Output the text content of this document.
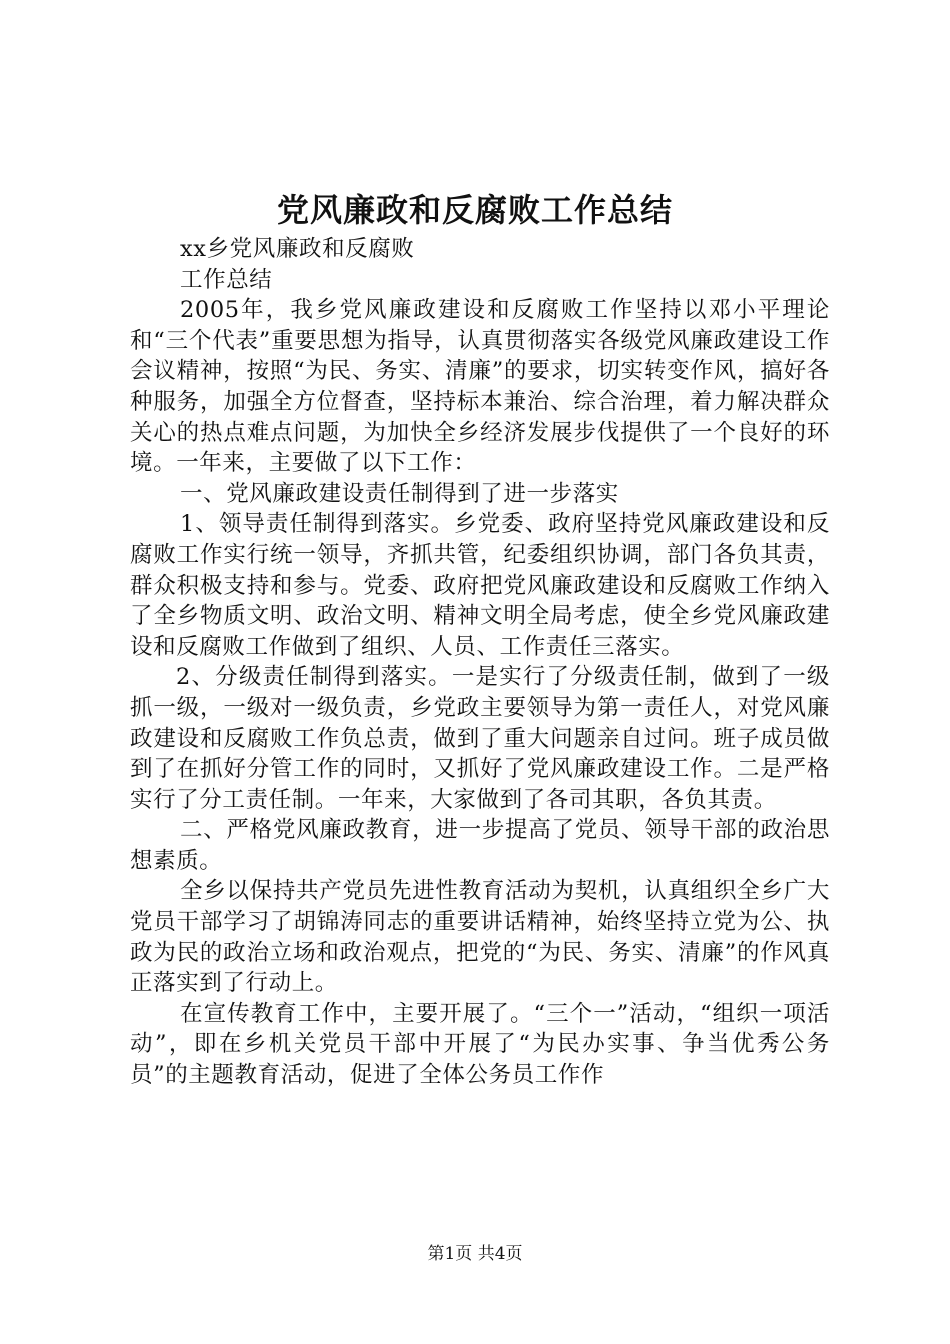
党风廉政和反腐败工作总结

xx乡党风廉政和反腐败

工作总结

2005年，我乡党风廉政建设和反腐败工作坚持以邓小平理论和“三个代表”重要思想为指导，认真贯彻落实各级党风廉政建设工作会议精神，按照“为民、务实、清廉”的要求，切实转变作风，搞好各种服务，加强全方位督查，坚持标本兼治、综合治理，着力解决群众关心的热点难点问题，为加快全乡经济发展步伐提供了一个良好的环境。一年来，主要做了以下工作：

一、党风廉政建设责任制得到了进一步落实

1、领导责任制得到落实。乡党委、政府坚持党风廉政建设和反腐败工作实行统一领导，齐抓共管，纪委组织协调，部门各负其责，群众积极支持和参与。党委、政府把党风廉政建设和反腐败工作纳入了全乡物质文明、政治文明、精神文明全局考虑，使全乡党风廉政建设和反腐败工作做到了组织、人员、工作责任三落实。

2、分级责任制得到落实。一是实行了分级责任制，做到了一级抓一级，一级对一级负责，乡党政主要领导为第一责任人，对党风廉政建设和反腐败工作负总责，做到了重大问题亲自过问。班子成员做到了在抓好分管工作的同时，又抓好了党风廉政建设工作。二是严格实行了分工责任制。一年来，大家做到了各司其职，各负其责。

二、严格党风廉政教育，进一步提高了党员、领导干部的政治思想素质。

全乡以保持共产党员先进性教育活动为契机，认真组织全乡广大党员干部学习了胡锦涛同志的重要讲话精神，始终坚持立党为公、执政为民的政治立场和政治观点，把党的“为民、务实、清廉”的作风真正落实到了行动上。

在宣传教育工作中，主要开展了。“三个一”活动，“组织一项活动”，即在乡机关党员干部中开展了“为民办实事、争当优秀公务员”的主题教育活动，促进了全体公务员工作作

第1页 共4页
